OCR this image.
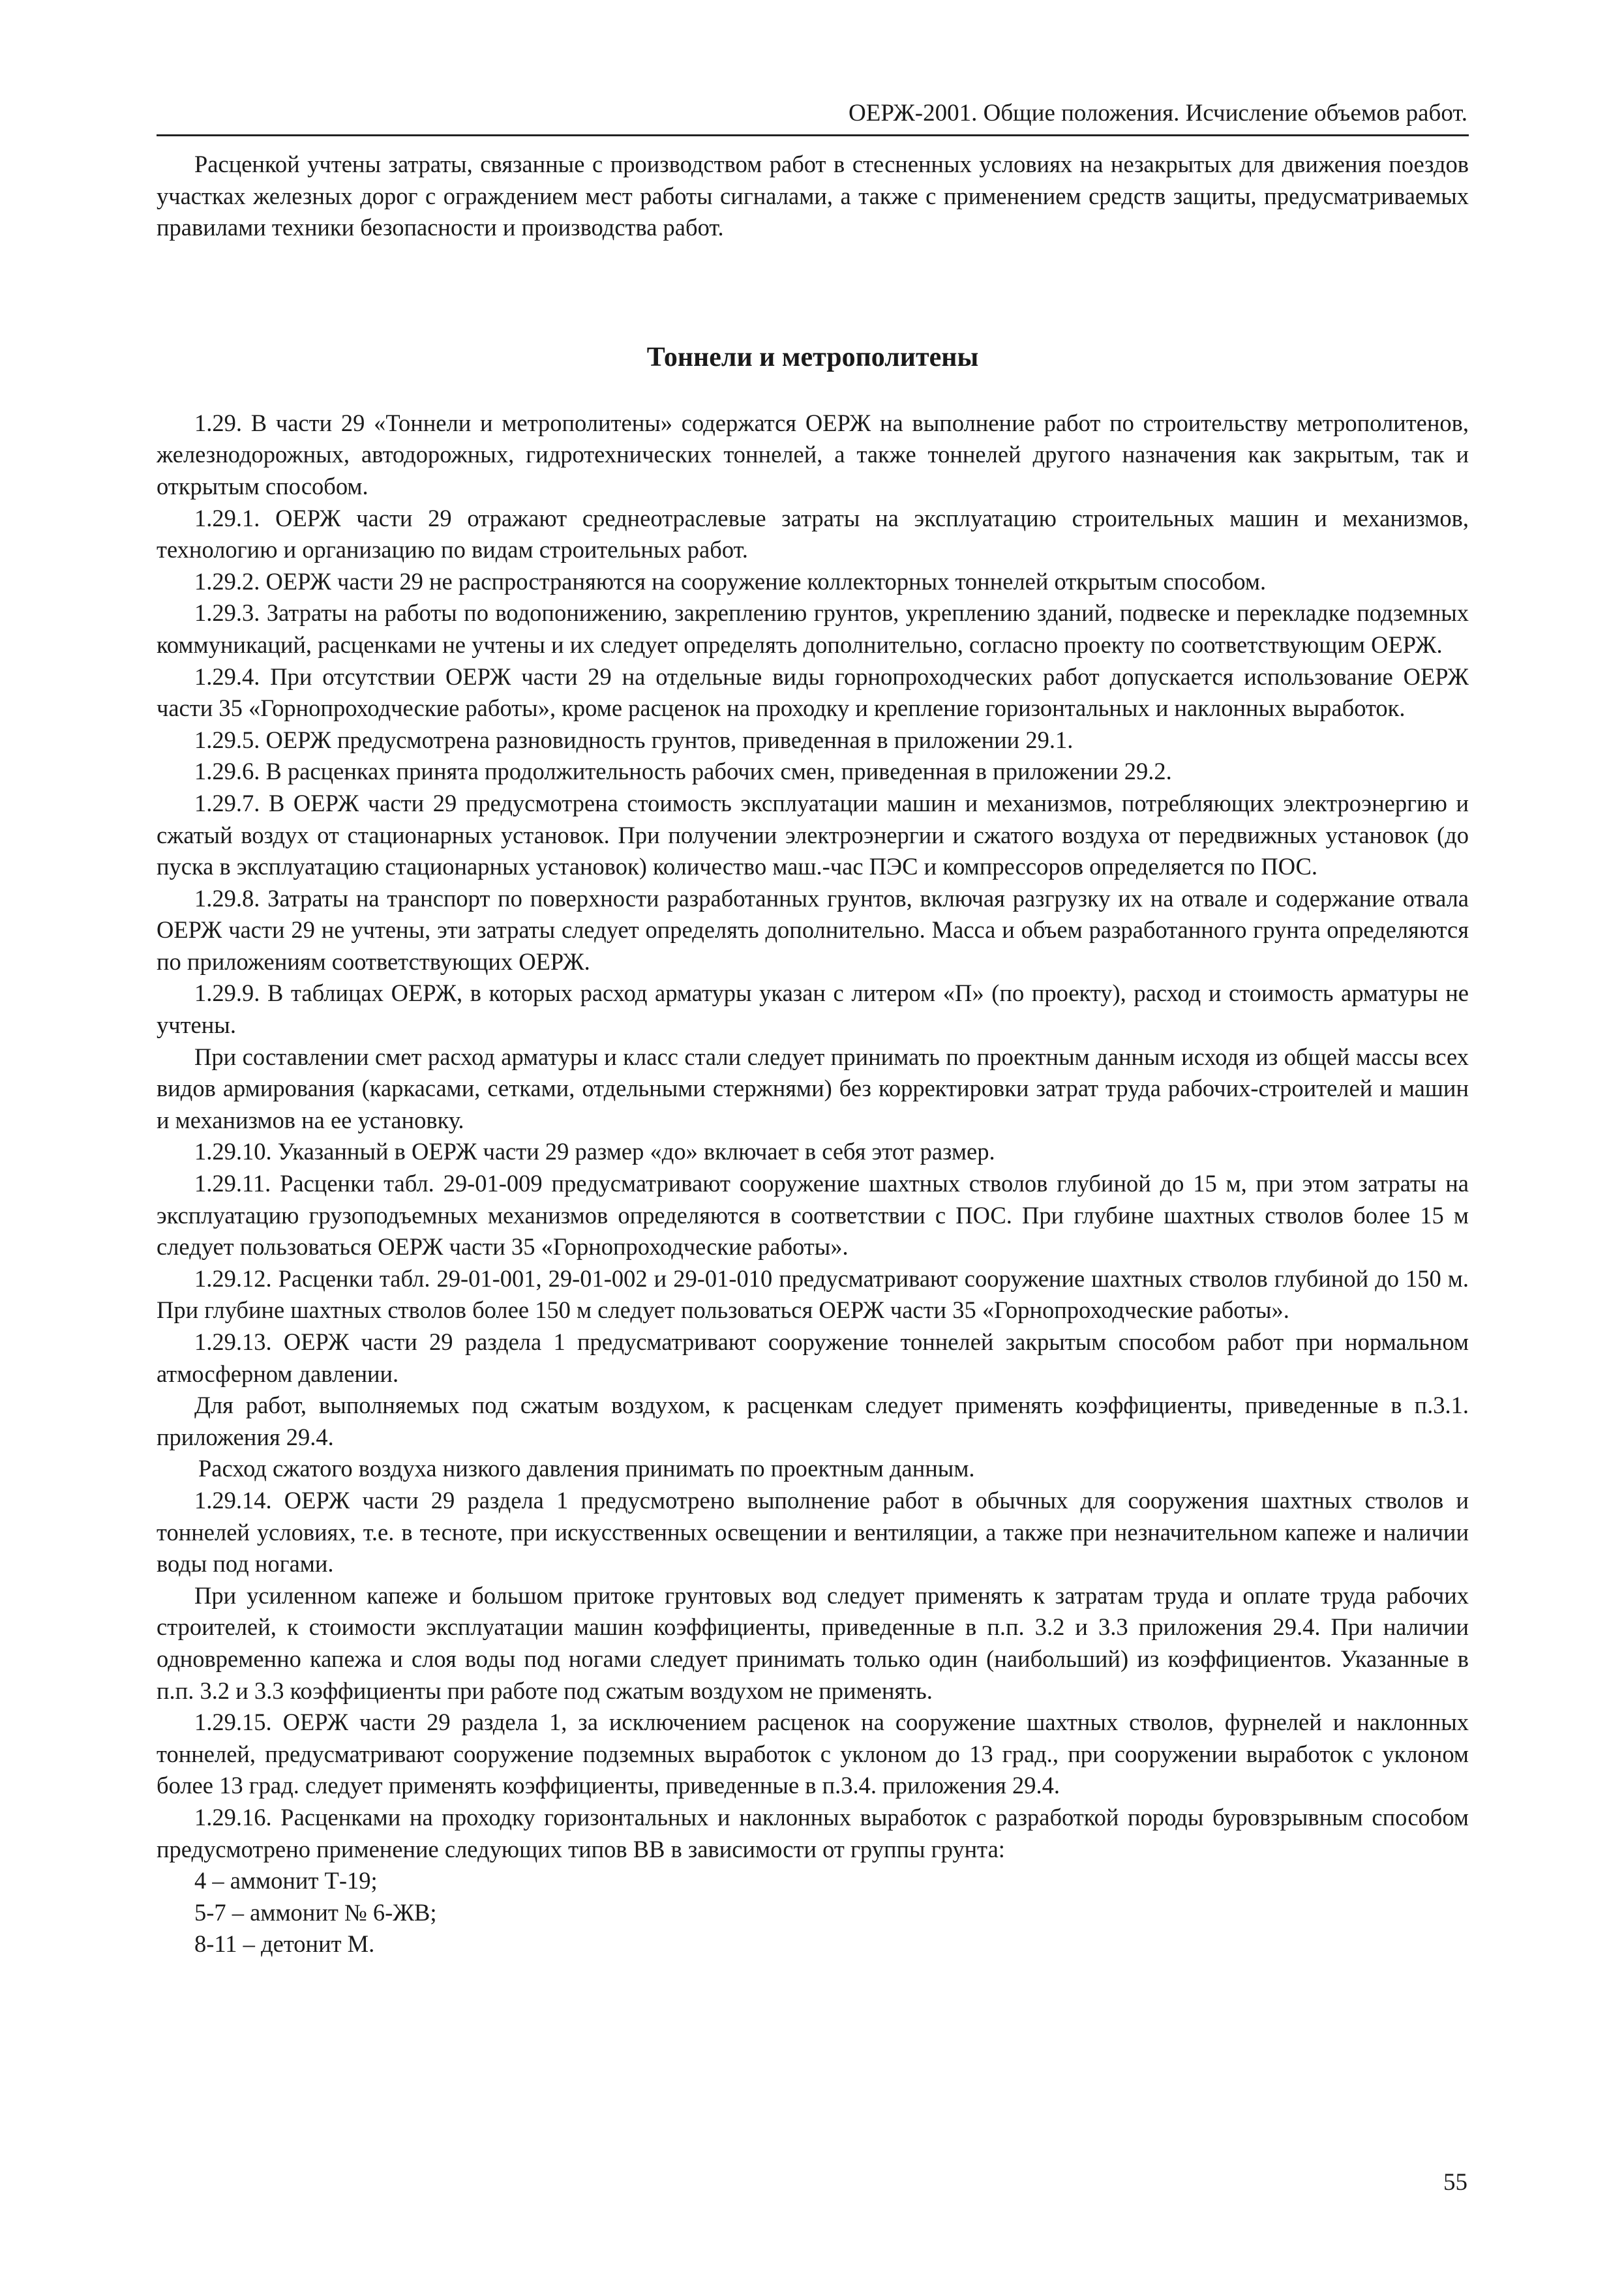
ОЕРЖ-2001. Общие положения. Исчисление объемов работ.

Расценкой учтены затраты, связанные с производством работ в стесненных условиях на незакрытых для движения поездов участках железных дорог с ограждением мест работы сигналами, а также с применением средств защиты, предусматриваемых правилами техники безопасности и производства работ.

Тоннели и метрополитены

1.29. В части 29 «Тоннели и метрополитены» содержатся ОЕРЖ на выполнение работ по строительству метрополитенов, железнодорожных, автодорожных, гидротехнических тоннелей, а также тоннелей другого назначения как закрытым, так и открытым способом.

1.29.1. ОЕРЖ части 29 отражают среднеотраслевые затраты на эксплуатацию строительных машин и механизмов, технологию и организацию по видам строительных работ.

1.29.2. ОЕРЖ части 29 не распространяются на сооружение коллекторных тоннелей открытым способом.

1.29.3. Затраты на работы по водопонижению, закреплению грунтов, укреплению зданий, подвеске и перекладке подземных коммуникаций, расценками не учтены и их следует определять дополнительно, согласно проекту по соответствующим ОЕРЖ.

1.29.4. При отсутствии ОЕРЖ части 29 на отдельные виды горнопроходческих работ допускается использование ОЕРЖ части 35 «Горнопроходческие работы», кроме расценок на проходку и крепление горизонтальных и наклонных выработок.

1.29.5. ОЕРЖ предусмотрена разновидность грунтов, приведенная в приложении 29.1.

1.29.6. В расценках принята продолжительность рабочих смен, приведенная в приложении 29.2.

1.29.7. В ОЕРЖ части 29 предусмотрена стоимость эксплуатации машин и механизмов, потребляющих электроэнергию и сжатый воздух от стационарных установок. При получении электроэнергии и сжатого воздуха от передвижных установок (до пуска в эксплуатацию стационарных установок) количество маш.-час ПЭС и компрессоров определяется по ПОС.

1.29.8. Затраты на транспорт по поверхности разработанных грунтов, включая разгрузку их на отвале и содержание отвала ОЕРЖ части 29 не учтены, эти затраты следует определять дополнительно. Масса и объем разработанного грунта определяются по приложениям соответствующих ОЕРЖ.

1.29.9. В таблицах ОЕРЖ, в которых расход арматуры указан с литером «П» (по проекту), расход и стоимость арматуры не учтены.

При составлении смет расход арматуры и класс стали следует принимать по проектным данным исходя из общей массы всех видов армирования (каркасами, сетками, отдельными стержнями) без корректировки затрат труда рабочих-строителей и машин и механизмов на ее установку.

1.29.10. Указанный в ОЕРЖ части 29 размер «до» включает в себя этот размер.

1.29.11. Расценки табл. 29-01-009 предусматривают сооружение шахтных стволов глубиной до 15 м, при этом затраты на эксплуатацию грузоподъемных механизмов определяются в соответствии с ПОС. При глубине шахтных стволов более 15 м следует пользоваться ОЕРЖ части 35 «Горнопроходческие работы».

1.29.12. Расценки табл. 29-01-001, 29-01-002 и 29-01-010 предусматривают сооружение шахтных стволов глубиной до 150 м. При глубине шахтных стволов более 150 м следует пользоваться ОЕРЖ части 35 «Горнопроходческие работы».

1.29.13. ОЕРЖ части 29 раздела 1 предусматривают сооружение тоннелей закрытым способом работ при нормальном атмосферном давлении.

Для работ, выполняемых под сжатым воздухом, к расценкам следует применять коэффициенты, приведенные в п.3.1. приложения 29.4.

Расход сжатого воздуха низкого давления принимать по проектным данным.

1.29.14. ОЕРЖ части 29 раздела 1 предусмотрено выполнение работ в обычных для сооружения шахтных стволов и тоннелей условиях, т.е. в тесноте, при искусственных освещении и вентиляции, а также при незначительном капеже и наличии воды под ногами.

При усиленном капеже и большом притоке грунтовых вод следует применять к затратам труда и оплате труда рабочих строителей, к стоимости эксплуатации машин коэффициенты, приведенные в п.п. 3.2 и 3.3 приложения 29.4. При наличии одновременно капежа и слоя воды под ногами следует принимать только один (наибольший) из коэффициентов. Указанные в п.п. 3.2 и 3.3 коэффициенты при работе под сжатым воздухом не применять.

1.29.15. ОЕРЖ части 29 раздела 1, за исключением расценок на сооружение шахтных стволов, фурнелей и наклонных тоннелей, предусматривают сооружение подземных выработок с уклоном до 13 град., при сооружении выработок с уклоном более 13 град. следует применять коэффициенты, приведенные в п.3.4. приложения 29.4.

1.29.16. Расценками на проходку горизонтальных и наклонных выработок с разработкой породы буровзрывным способом предусмотрено применение следующих типов ВВ в зависимости от группы грунта:

4 – аммонит Т-19;

5-7 – аммонит № 6-ЖВ;

8-11 – детонит М.

55
